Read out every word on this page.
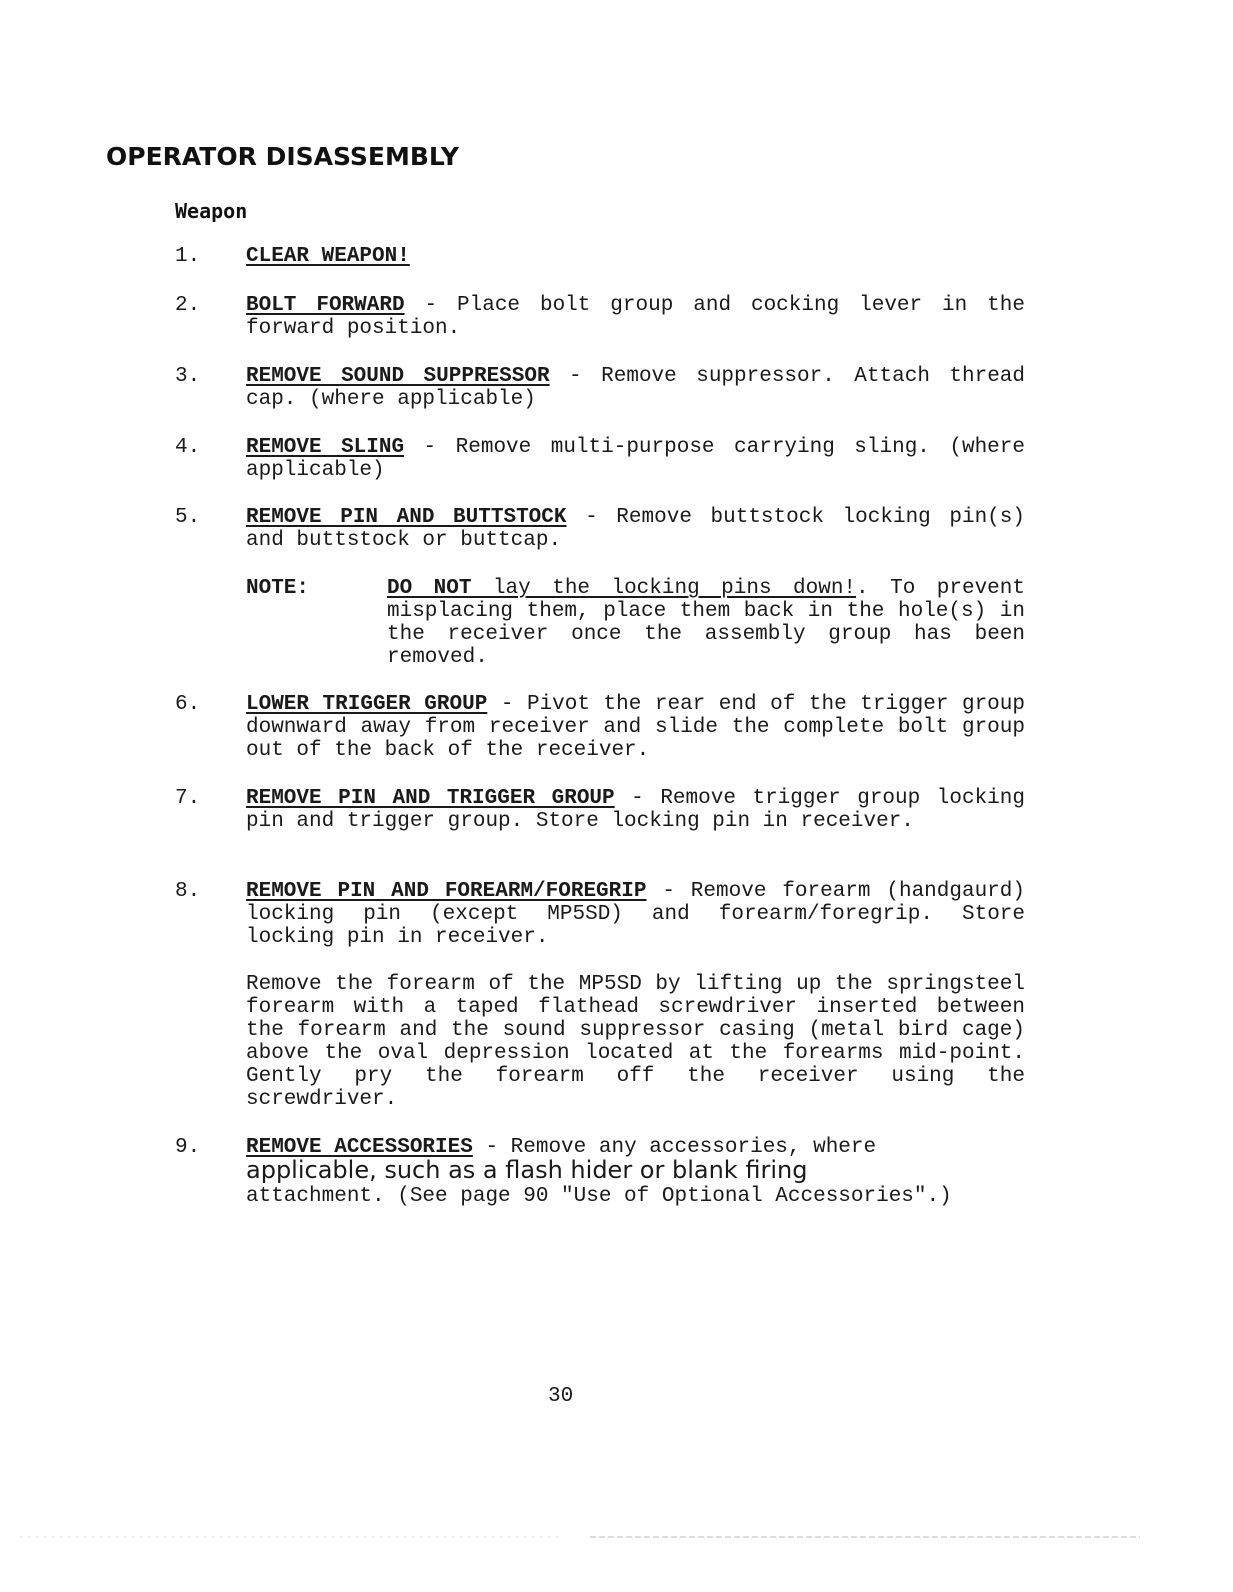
OPERATOR DISASSEMBLY
Weapon
1.	CLEAR WEAPON!
2.	BOLT FORWARD - Place bolt group and cocking lever in the forward position.
3.	REMOVE SOUND SUPPRESSOR - Remove suppressor. Attach thread cap. (where applicable)
4.	REMOVE SLING - Remove multi-purpose carrying sling. (where applicable)
5.	REMOVE PIN AND BUTTSTOCK - Remove buttstock locking pin(s) and buttstock or buttcap.
NOTE:	DO NOT lay the locking pins down!. To prevent misplacing them, place them back in the hole(s) in the receiver once the assembly group has been removed.
6.	LOWER TRIGGER GROUP - Pivot the rear end of the trigger group downward away from receiver and slide the complete bolt group out of the back of the receiver.
7.	REMOVE PIN AND TRIGGER GROUP - Remove trigger group locking pin and trigger group. Store locking pin in receiver.
8.	REMOVE PIN AND FOREARM/FOREGRIP - Remove forearm (handgaurd) locking pin (except MP5SD) and forearm/foregrip. Store locking pin in receiver.
Remove the forearm of the MP5SD by lifting up the springsteel forearm with a taped flathead screwdriver inserted between the forearm and the sound suppressor casing (metal bird cage) above the oval depression located at the forearms mid-point. Gently pry the forearm off the receiver using the screwdriver.
9.	REMOVE ACCESSORIES - Remove any accessories, where
applicable, such as a flash hider or blank firing
attachment. (See page 90 "Use of Optional Accessories".)
30
